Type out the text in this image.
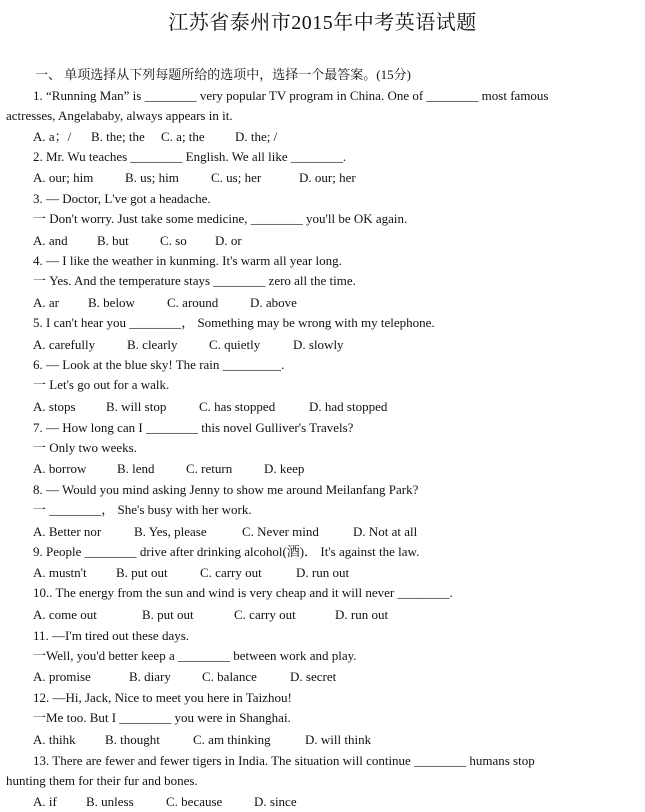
江苏省泰州市2015年中考英语试题
一、 单项选择从下列每题所给的选项中，选择一个最答案。(15分)
1. “Running Man” is ________ very popular TV program in China. One of ________ most famous
actresses, Angelababy, always appears in it.
A. a；/ B. the; the C. a; the D. the; /
2. Mr. Wu teaches ________ English. We all like ________.
A. our; him B. us; him C. us; her	D. our; her
3. — Doctor, L've got a headache.
一 Don't worry. Just take some medicine, ________ you'll be OK again.
A. and B. but C. so D. or
4. — I like the weather in kunming. It's warm all year long.
一 Yes. And the temperature stays ________ zero all the time.
A. ar B. below C. around D. above
5. I can't hear you ________， Something may be wrong with my telephone.
A. carefully B. clearly C. quietly	D. slowly
6. — Look at the blue sky! The rain _________.
一 Let's go out for a walk.
A. stops B. will stop	C. has stopped	D. had stopped
7. — How long can I ________ this novel Gulliver's Travels?
一 Only two weeks.
A. borrow B. lend C. return D. keep
8. — Would you mind asking Jenny to show me around Meilanfang Park?
一 ________， She's busy with her work.
A. Better nor	B. Yes, please	C. Never mind	D. Not at all
9. People ________ drive after drinking alcohol(酒)． It's against the law.
A. mustn't B. put out C. carry out	D. run out
10.. The energy from the sun and wind is very cheap and it will never ________.
A. come out	B. put out	C. carry out	D. run out
11. —I'm tired out these days.
一Well, you'd better keep a ________ between work and play.
A. promise	B. diary C. balance	D. secret
12. —Hi, Jack, Nice to meet you here in Taizhou!
一Me too. But I ________ you were in Shanghai.
A. thihk B. thought	C. am thinking	D. will think
13. There are fewer and fewer tigers in India. The situation will continue ________ humans stop
hunting them for their fur and bones.
A. if B. unless C. because D. since
